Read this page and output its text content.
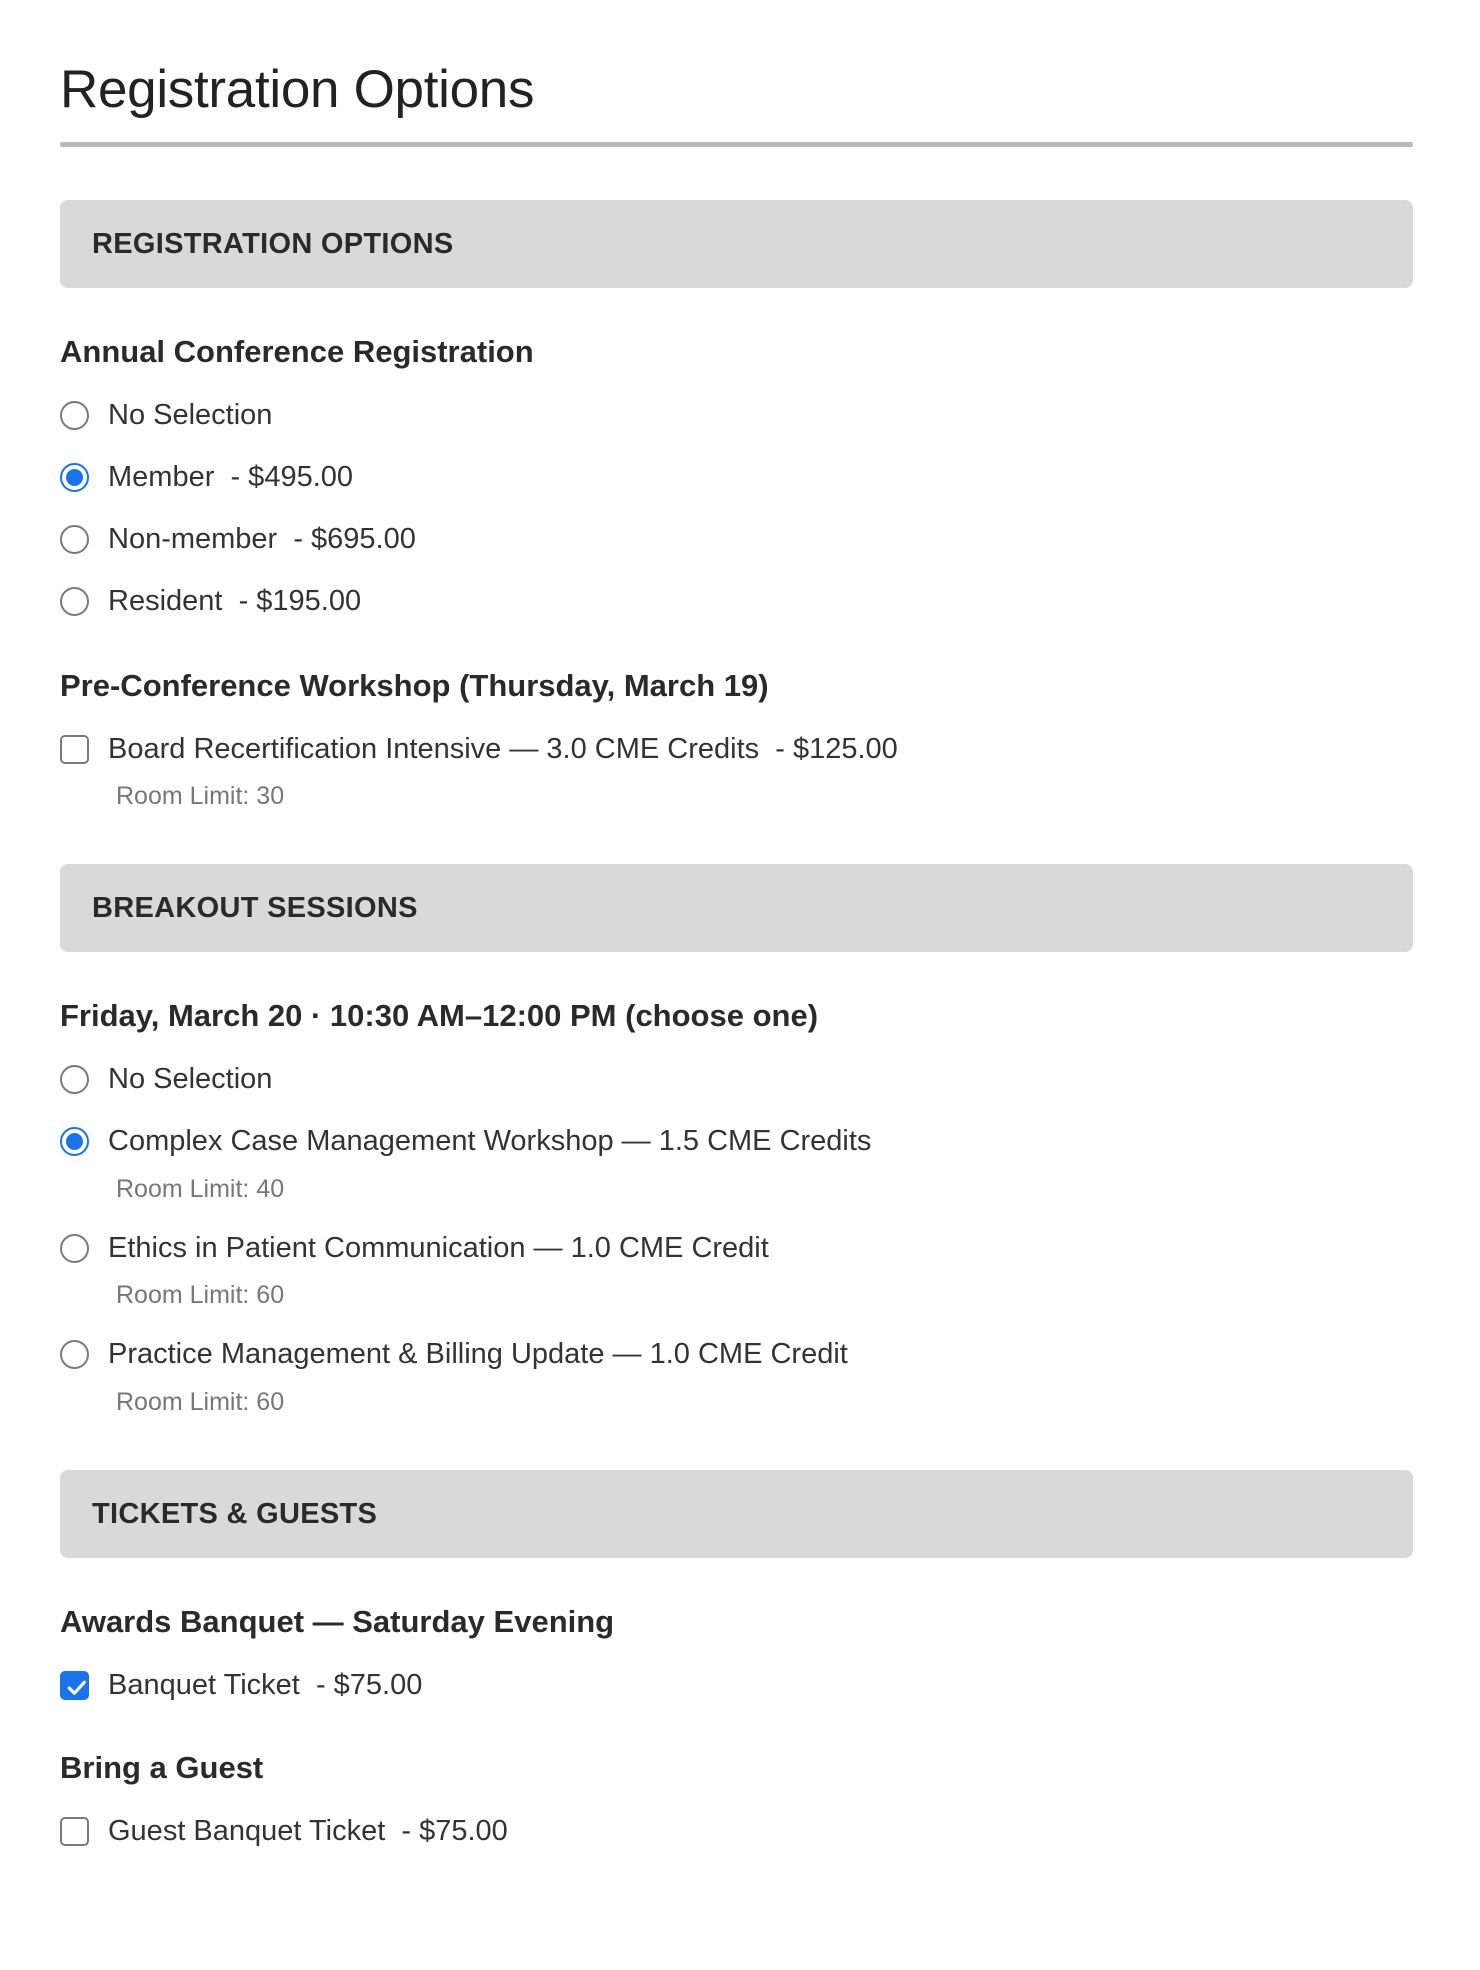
Registration Options
REGISTRATION OPTIONS
Annual Conference Registration
No Selection
Member  - $495.00
Non-member  - $695.00
Resident  - $195.00
Pre-Conference Workshop (Thursday, March 19)
Board Recertification Intensive — 3.0 CME Credits  - $125.00
Room Limit: 30
BREAKOUT SESSIONS
Friday, March 20 · 10:30 AM–12:00 PM (choose one)
No Selection
Complex Case Management Workshop — 1.5 CME Credits
Room Limit: 40
Ethics in Patient Communication — 1.0 CME Credit
Room Limit: 60
Practice Management & Billing Update — 1.0 CME Credit
Room Limit: 60
TICKETS & GUESTS
Awards Banquet — Saturday Evening
Banquet Ticket  - $75.00
Bring a Guest
Guest Banquet Ticket  - $75.00
